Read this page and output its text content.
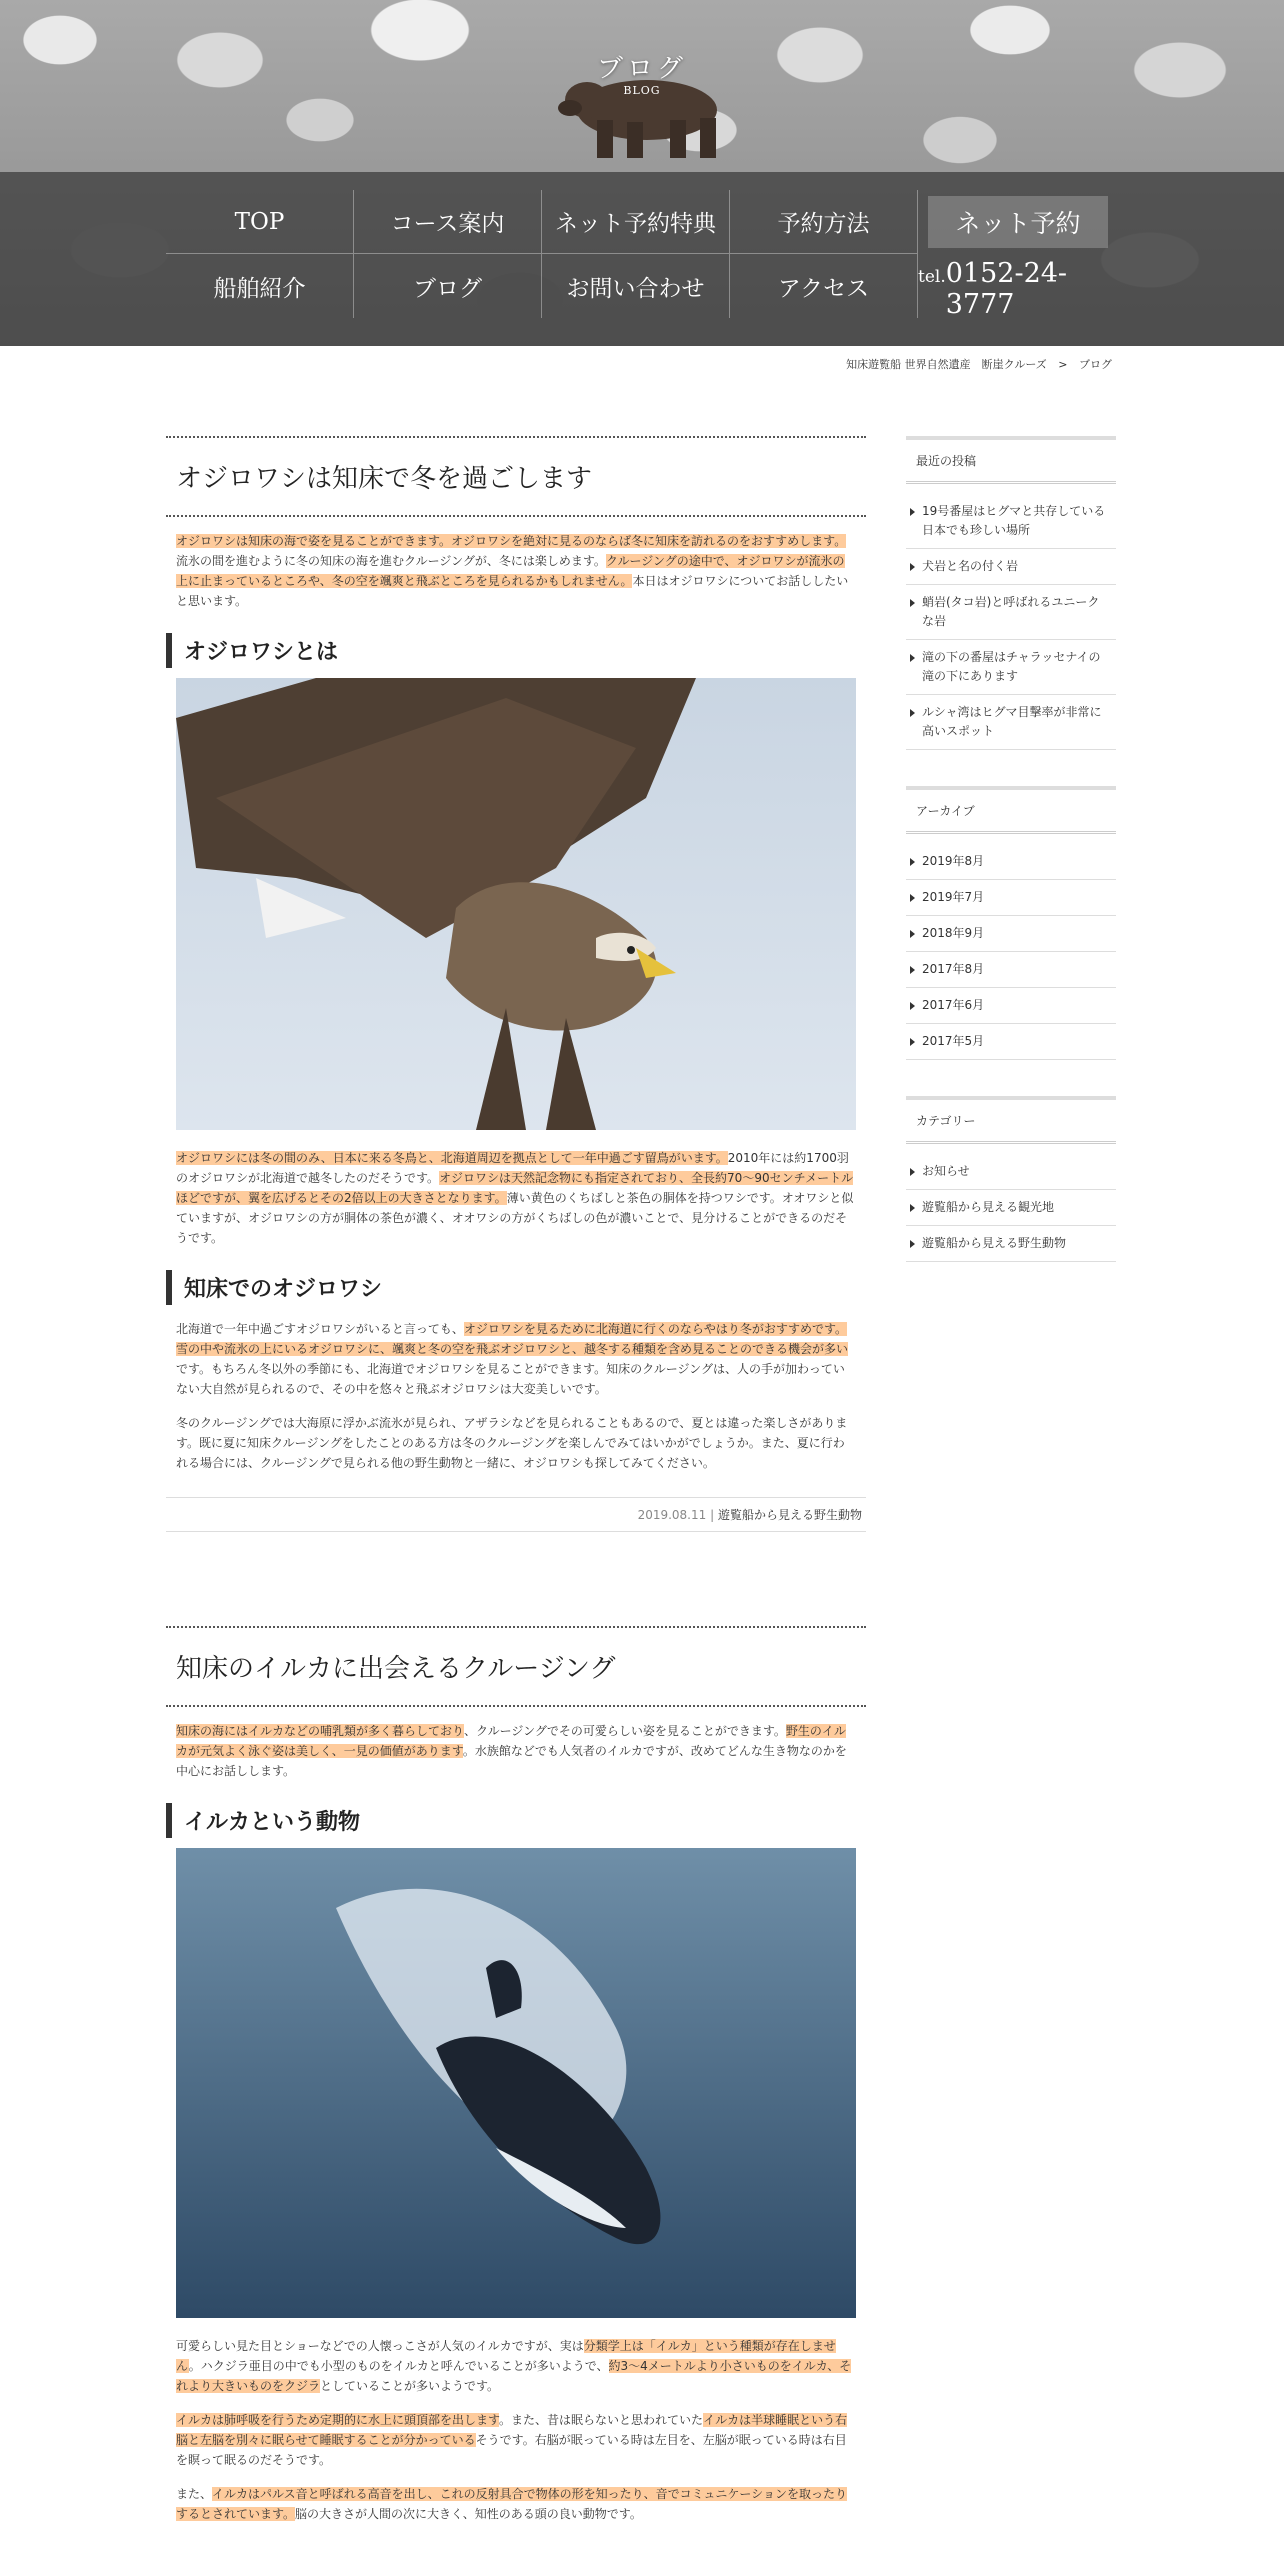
ブログ
BLOG
TOP	コース案内	ネット予約特典	予約方法	ネット予約
船舶紹介	ブログ	お問い合わせ	アクセス	tel. 0152-24-3777
知床遊覧船 世界自然遺産　断崖クルーズ > ブログ
オジロワシは知床で冬を過ごします

オジロワシは知床の海で姿を見ることができます。オジロワシを絶対に見るのならば冬に知床を訪れるのをおすすめします。流氷の間を進むように冬の知床の海を進むクルージングが、冬には楽しめます。クルージングの途中で、オジロワシが流氷の上に止まっているところや、冬の空を颯爽と飛ぶところを見られるかもしれません。本日はオジロワシについてお話ししたいと思います。

オジロワシとは

オジロワシには冬の間のみ、日本に来る冬鳥と、北海道周辺を拠点として一年中過ごす留鳥がいます。2010年には約1700羽のオジロワシが北海道で越冬したのだそうです。オジロワシは天然記念物にも指定されており、全長約70～90センチメートルほどですが、翼を広げるとその2倍以上の大きさとなります。薄い黄色のくちばしと茶色の胴体を持つワシです。オオワシと似ていますが、オジロワシの方が胴体の茶色が濃く、オオワシの方がくちばしの色が濃いことで、見分けることができるのだそうです。

知床でのオジロワシ

北海道で一年中過ごすオジロワシがいると言っても、オジロワシを見るために北海道に行くのならやはり冬がおすすめです。雪の中や流氷の上にいるオジロワシに、颯爽と冬の空を飛ぶオジロワシと、越冬する種類を含め見ることのできる機会が多いです。もちろん冬以外の季節にも、北海道でオジロワシを見ることができます。知床のクルージングは、人の手が加わっていない大自然が見られるので、その中を悠々と飛ぶオジロワシは大変美しいです。

冬のクルージングでは大海原に浮かぶ流氷が見られ、アザラシなどを見られることもあるので、夏とは違った楽しさがあります。既に夏に知床クルージングをしたことのある方は冬のクルージングを楽しんでみてはいかがでしょうか。また、夏に行われる場合には、クルージングで見られる他の野生動物と一緒に、オジロワシも探してみてください。

2019.08.11 | 遊覧船から見える野生動物
知床のイルカに出会えるクルージング

知床の海にはイルカなどの哺乳類が多く暮らしており、クルージングでその可愛らしい姿を見ることができます。野生のイルカが元気よく泳ぐ姿は美しく、一見の価値があります。水族館などでも人気者のイルカですが、改めてどんな生き物なのかを中心にお話しします。

イルカという動物

可愛らしい見た目とショーなどでの人懐っこさが人気のイルカですが、実は分類学上は「イルカ」という種類が存在しません。ハクジラ亜目の中でも小型のものをイルカと呼んでいることが多いようで、約3～4メートルより小さいものをイルカ、それより大きいものをクジラとしていることが多いようです。

イルカは肺呼吸を行うため定期的に水上に頭頂部を出します。また、昔は眠らないと思われていたイルカは半球睡眠という右脳と左脳を別々に眠らせて睡眠することが分かっているそうです。右脳が眠っている時は左目を、左脳が眠っている時は右目を瞑って眠るのだそうです。

また、イルカはパルス音と呼ばれる高音を出し、これの反射具合で物体の形を知ったり、音でコミュニケーションを取ったりするとされています。脳の大きさが人間の次に大きく、知性のある頭の良い動物です。

最近の投稿
19号番屋はヒグマと共存している日本でも珍しい場所
犬岩と名の付く岩
蛸岩(タコ岩)と呼ばれるユニークな岩
滝の下の番屋はチャラッセナイの滝の下にあります
ルシャ湾はヒグマ目撃率が非常に高いスポット
アーカイブ
2019年8月
2019年7月
2018年9月
2017年8月
2017年6月
2017年5月
カテゴリー
お知らせ
遊覧船から見える観光地
遊覧船から見える野生動物
